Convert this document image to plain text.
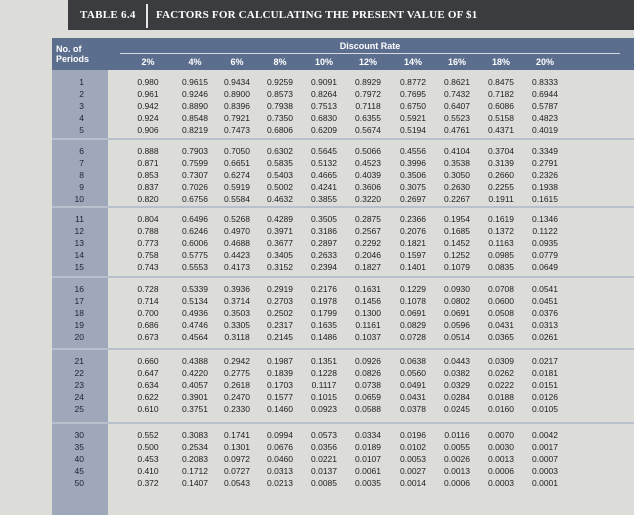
TABLE 6.4 FACTORS FOR CALCULATING THE PRESENT VALUE OF $1
No. of Periods
Discount Rate
2%	4%	6%	8%	10%	12%	14%	16%	18%	20%
1	0.980	0.9615	0.9434	0.9259	0.9091	0.8929	0.8772	0.8621	0.8475	0.8333
2	0.961	0.9246	0.8900	0.8573	0.8264	0.7972	0.7695	0.7432	0.7182	0.6944
3	0.942	0.8890	0.8396	0.7938	0.7513	0.7118	0.6750	0.6407	0.6086	0.5787
4	0.924	0.8548	0.7921	0.7350	0.6830	0.6355	0.5921	0.5523	0.5158	0.4823
5	0.906	0.8219	0.7473	0.6806	0.6209	0.5674	0.5194	0.4761	0.4371	0.4019
6	0.888	0.7903	0.7050	0.6302	0.5645	0.5066	0.4556	0.4104	0.3704	0.3349
7	0.871	0.7599	0.6651	0.5835	0.5132	0.4523	0.3996	0.3538	0.3139	0.2791
8	0.853	0.7307	0.6274	0.5403	0.4665	0.4039	0.3506	0.3050	0.2660	0.2326
9	0.837	0.7026	0.5919	0.5002	0.4241	0.3606	0.3075	0.2630	0.2255	0.1938
10	0.820	0.6756	0.5584	0.4632	0.3855	0.3220	0.2697	0.2267	0.1911	0.1615
11	0.804	0.6496	0.5268	0.4289	0.3505	0.2875	0.2366	0.1954	0.1619	0.1346
12	0.788	0.6246	0.4970	0.3971	0.3186	0.2567	0.2076	0.1685	0.1372	0.1122
13	0.773	0.6006	0.4688	0.3677	0.2897	0.2292	0.1821	0.1452	0.1163	0.0935
14	0.758	0.5775	0.4423	0.3405	0.2633	0.2046	0.1597	0.1252	0.0985	0.0779
15	0.743	0.5553	0.4173	0.3152	0.2394	0.1827	0.1401	0.1079	0.0835	0.0649
16	0.728	0.5339	0.3936	0.2919	0.2176	0.1631	0.1229	0.0930	0.0708	0.0541
17	0.714	0.5134	0.3714	0.2703	0.1978	0.1456	0.1078	0.0802	0.0600	0.0451
18	0.700	0.4936	0.3503	0.2502	0.1799	0.1300	0.0691	0.0691	0.0508	0.0376
19	0.686	0.4746	0.3305	0.2317	0.1635	0.1161	0.0829	0.0596	0.0431	0.0313
20	0.673	0.4564	0.3118	0.2145	0.1486	0.1037	0.0728	0.0514	0.0365	0.0261
21	0.660	0.4388	0.2942	0.1987	0.1351	0.0926	0.0638	0.0443	0.0309	0.0217
22	0.647	0.4220	0.2775	0.1839	0.1228	0.0826	0.0560	0.0382	0.0262	0.0181
23	0.634	0.4057	0.2618	0.1703	0.1117	0.0738	0.0491	0.0329	0.0222	0.0151
24	0.622	0.3901	0.2470	0.1577	0.1015	0.0659	0.0431	0.0284	0.0188	0.0126
25	0.610	0.3751	0.2330	0.1460	0.0923	0.0588	0.0378	0.0245	0.0160	0.0105
30	0.552	0.3083	0.1741	0.0994	0.0573	0.0334	0.0196	0.0116	0.0070	0.0042
35	0.500	0.2534	0.1301	0.0676	0.0356	0.0189	0.0102	0.0055	0.0030	0.0017
40	0.453	0.2083	0.0972	0.0460	0.0221	0.0107	0.0053	0.0026	0.0013	0.0007
45	0.410	0.1712	0.0727	0.0313	0.0137	0.0061	0.0027	0.0013	0.0006	0.0003
50	0.372	0.1407	0.0543	0.0213	0.0085	0.0035	0.0014	0.0006	0.0003	0.0001
